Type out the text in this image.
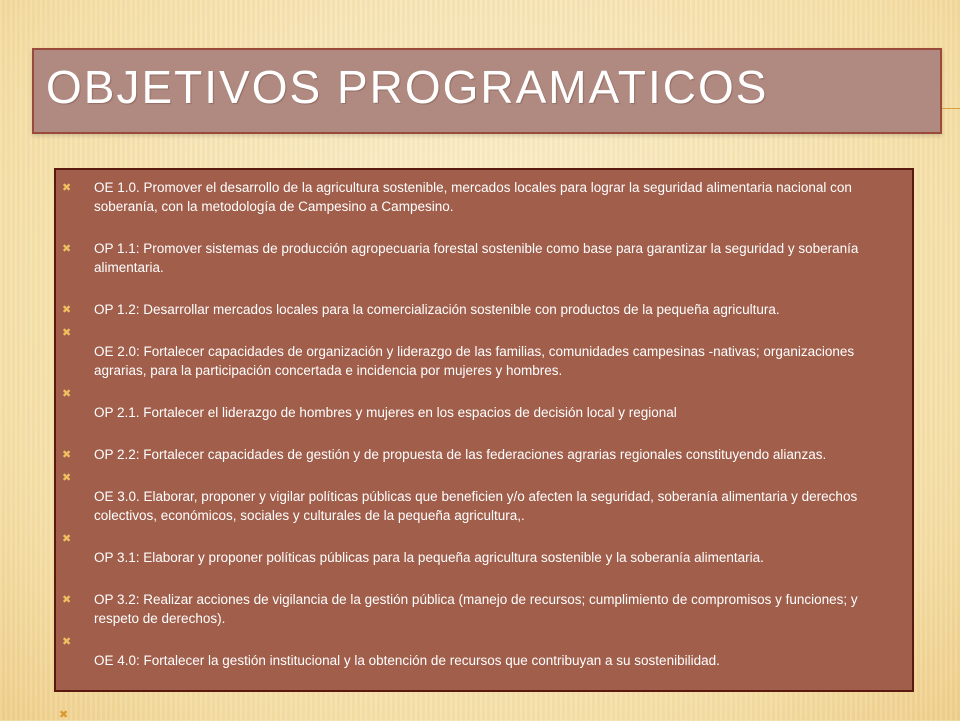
OBJETIVOS PROGRAMATICOS
✖ OE 1.0. Promover el desarrollo de la agricultura sostenible, mercados locales para lograr la seguridad alimentaria nacional con soberanía, con la metodología de Campesino a Campesino.
✖ OP 1.1: Promover sistemas de producción agropecuaria forestal sostenible como base para garantizar la seguridad y soberanía alimentaria.
✖ OP 1.2: Desarrollar mercados locales para la comercialización sostenible con productos de la pequeña agricultura.
✖
OE 2.0: Fortalecer capacidades de organización y liderazgo de las familias, comunidades campesinas -nativas; organizaciones agrarias, para la participación concertada e incidencia por mujeres y hombres.
✖
OP 2.1. Fortalecer el liderazgo de hombres y mujeres en los espacios de decisión local y regional
✖ OP 2.2: Fortalecer capacidades de gestión y de propuesta de las federaciones agrarias regionales constituyendo alianzas.
✖
OE 3.0. Elaborar, proponer y vigilar políticas públicas que beneficien y/o afecten la seguridad, soberanía alimentaria y derechos colectivos, económicos, sociales y culturales de la pequeña agricultura,.
✖
OP 3.1: Elaborar y proponer políticas públicas para la pequeña agricultura sostenible y la soberanía alimentaria.
✖ OP 3.2: Realizar acciones de vigilancia de la gestión pública (manejo de recursos; cumplimiento de compromisos y funciones; y respeto de derechos).
✖
OE 4.0: Fortalecer la gestión institucional y la obtención de recursos que contribuyan a su sostenibilidad.
✖
